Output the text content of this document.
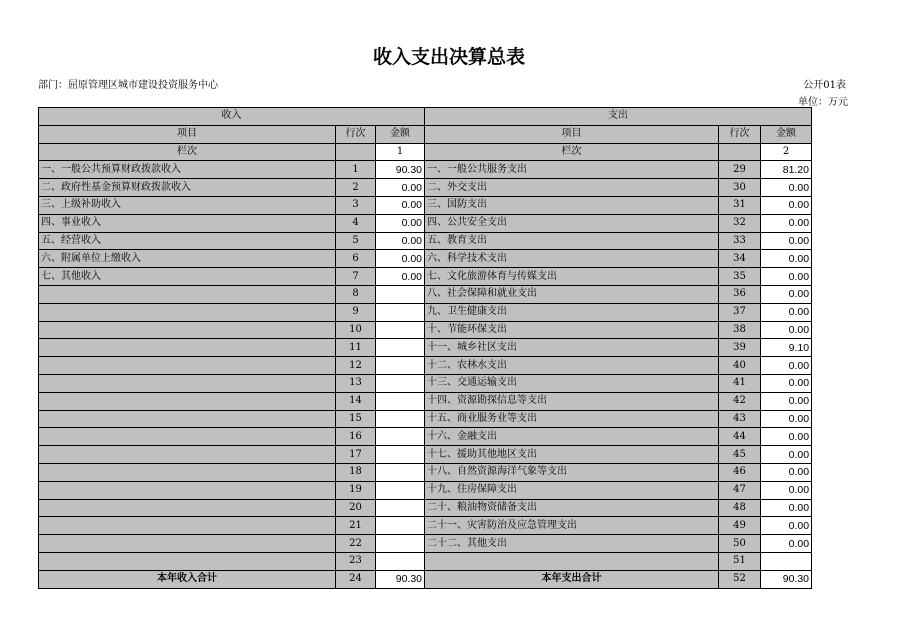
收入支出决算总表
部门：屈原管理区城市建设投资服务中心	公开01表
单位：万元
收入			支出		
项目	行次	金额	项目	行次	金额
栏次		1	栏次		2
一、一般公共预算财政拨款收入	1	90.30	一、一般公共服务支出	29	81.20
二、政府性基金预算财政拨款收入	2	0.00	二、外交支出	30	0.00
三、上级补助收入	3	0.00	三、国防支出	31	0.00
四、事业收入	4	0.00	四、公共安全支出	32	0.00
五、经营收入	5	0.00	五、教育支出	33	0.00
六、附属单位上缴收入	6	0.00	六、科学技术支出	34	0.00
七、其他收入	7	0.00	七、文化旅游体育与传媒支出	35	0.00
	8		八、社会保障和就业支出	36	0.00
	9		九、卫生健康支出	37	0.00
	10		十、节能环保支出	38	0.00
	11		十一、城乡社区支出	39	9.10
	12		十二、农林水支出	40	0.00
	13		十三、交通运输支出	41	0.00
	14		十四、资源勘探信息等支出	42	0.00
	15		十五、商业服务业等支出	43	0.00
	16		十六、金融支出	44	0.00
	17		十七、援助其他地区支出	45	0.00
	18		十八、自然资源海洋气象等支出	46	0.00
	19		十九、住房保障支出	47	0.00
	20		二十、粮油物资储备支出	48	0.00
	21		二十一、灾害防治及应急管理支出	49	0.00
	22		二十二、其他支出	50	0.00
	23			51	
本年收入合计	24	90.30	本年支出合计	52	90.30
